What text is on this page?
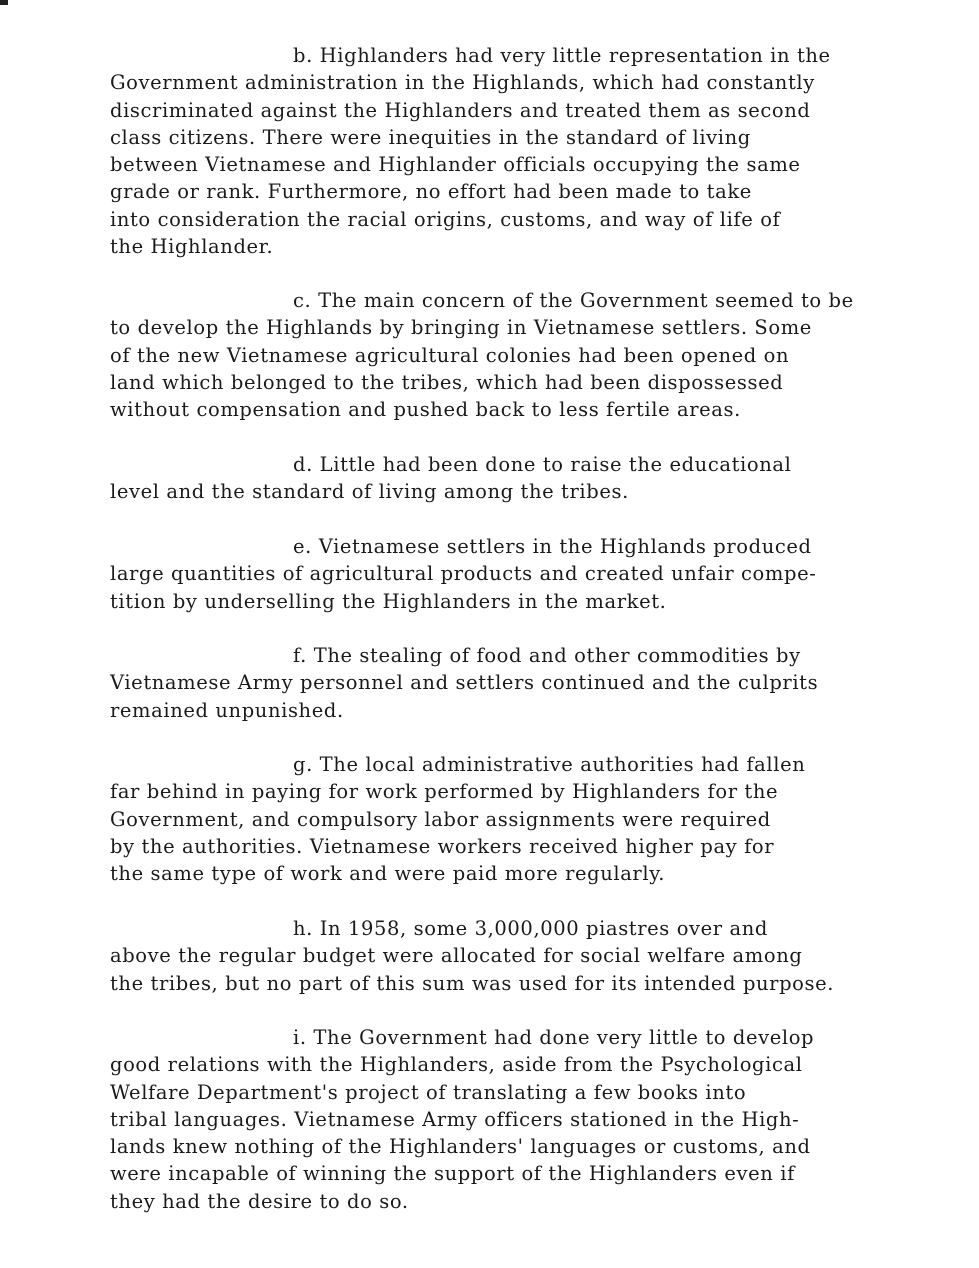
b. Highlanders had very little representation in the
Government administration in the Highlands, which had constantly
discriminated against the Highlanders and treated them as second
class citizens. There were inequities in the standard of living
between Vietnamese and Highlander officials occupying the same
grade or rank. Furthermore, no effort had been made to take
into consideration the racial origins, customs, and way of life of
the Highlander.
c. The main concern of the Government seemed to be
to develop the Highlands by bringing in Vietnamese settlers. Some
of the new Vietnamese agricultural colonies had been opened on
land which belonged to the tribes, which had been dispossessed
without compensation and pushed back to less fertile areas.
d. Little had been done to raise the educational
level and the standard of living among the tribes.
e. Vietnamese settlers in the Highlands produced
large quantities of agricultural products and created unfair compe-
tition by underselling the Highlanders in the market.
f. The stealing of food and other commodities by
Vietnamese Army personnel and settlers continued and the culprits
remained unpunished.
g. The local administrative authorities had fallen
far behind in paying for work performed by Highlanders for the
Government, and compulsory labor assignments were required
by the authorities. Vietnamese workers received higher pay for
the same type of work and were paid more regularly.
h. In 1958, some 3,000,000 piastres over and
above the regular budget were allocated for social welfare among
the tribes, but no part of this sum was used for its intended purpose.
i. The Government had done very little to develop
good relations with the Highlanders, aside from the Psychological
Welfare Department's project of translating a few books into
tribal languages. Vietnamese Army officers stationed in the High-
lands knew nothing of the Highlanders' languages or customs, and
were incapable of winning the support of the Highlanders even if
they had the desire to do so.
